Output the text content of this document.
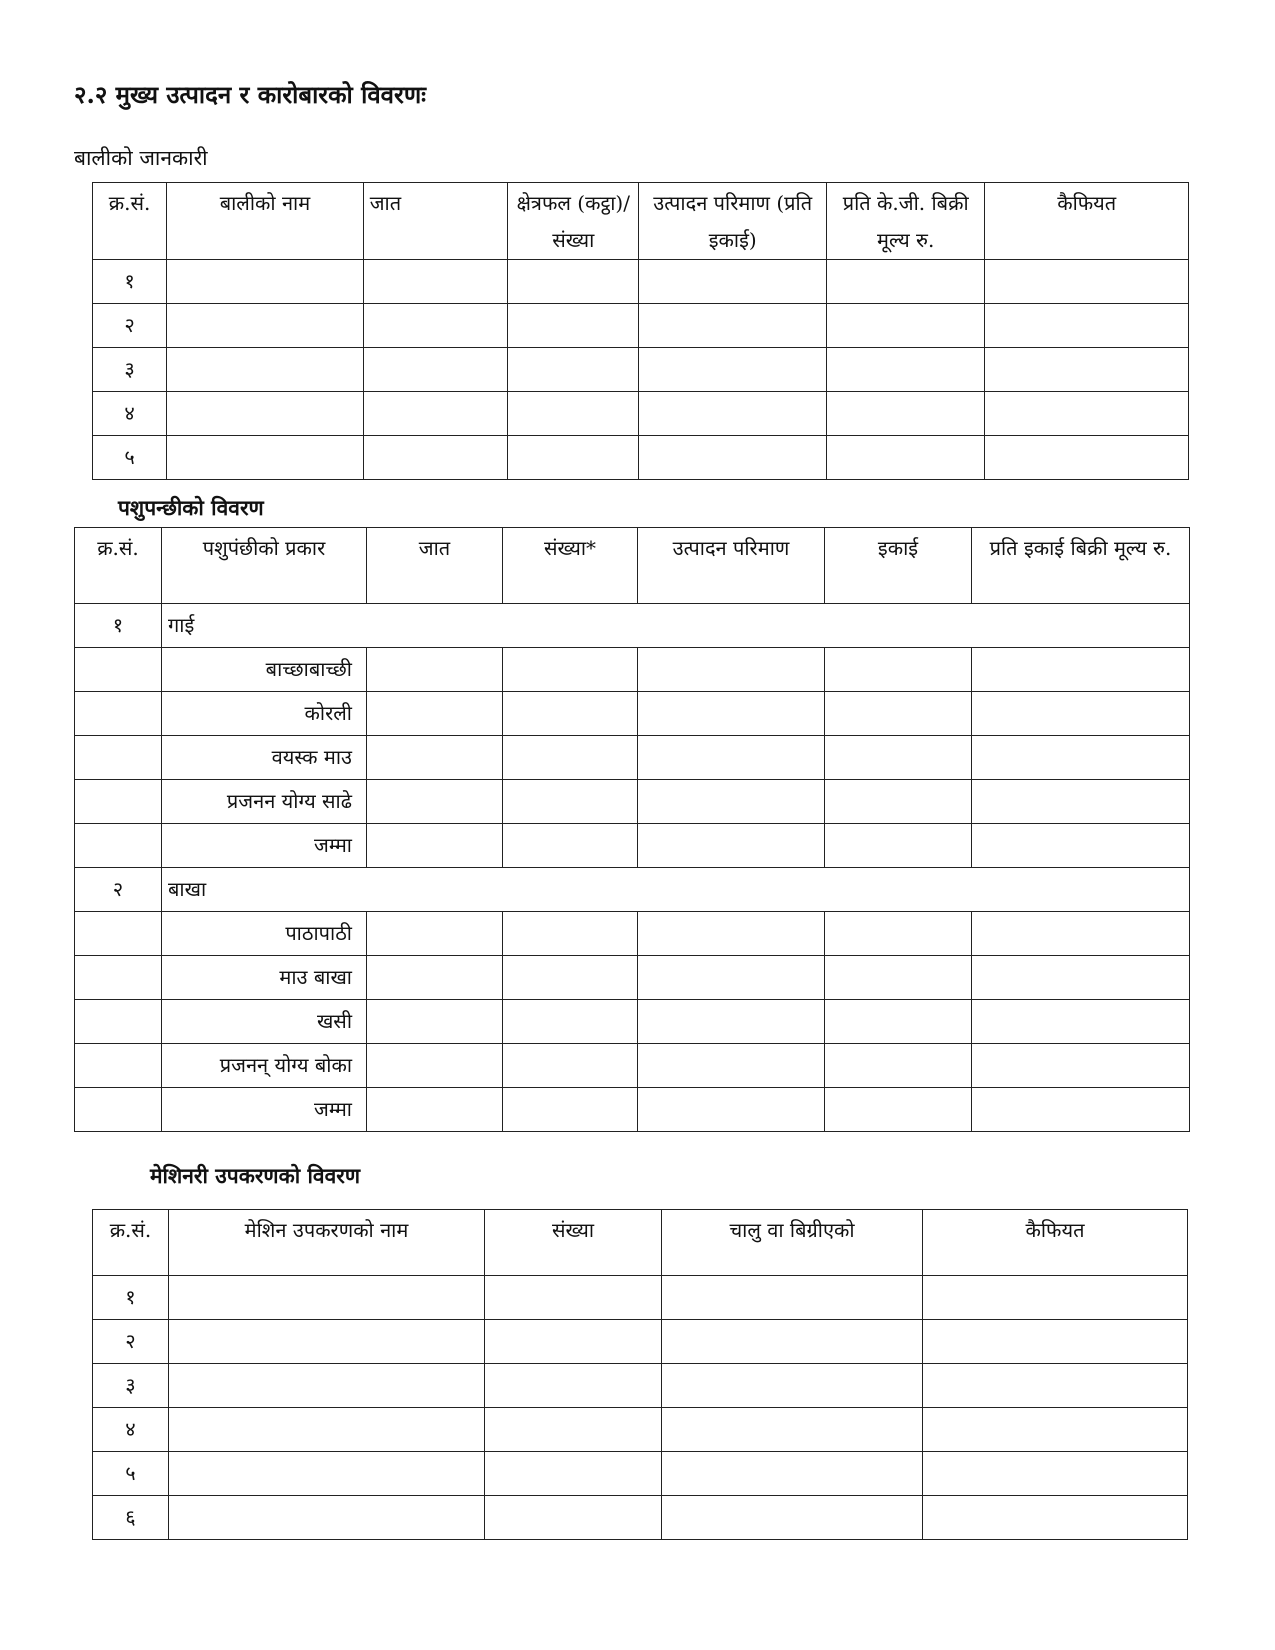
२.२ मुख्य उत्पादन र कारोबारको विवरणः
बालीको जानकारी
क्र.सं.	बालीको नाम	जात	क्षेत्रफल (कट्ठा)/संख्या	उत्पादन परिमाण (प्रति इकाई)	प्रति के.जी. बिक्री मूल्य रु.	कैफियत
१						
२						
३						
४						
५						
पशुपन्छीको विवरण
क्र.सं.	पशुपंछीको प्रकार	जात	संख्या*	उत्पादन परिमाण	इकाई	प्रति इकाई बिक्री मूल्य रु.
१	गाई					
	बाच्छाबाच्छी					
	कोरली					
	वयस्क माउ					
	प्रजनन योग्य साढे					
	जम्मा					
२	बाखा					
	पाठापाठी					
	माउ बाखा					
	खसी					
	प्रजनन् योग्य बोका					
	जम्मा					
मेशिनरी उपकरणको विवरण
क्र.सं.	मेशिन उपकरणको नाम	संख्या	चालु वा बिग्रीएको	कैफियत
१				
२				
३				
४				
५				
६				
